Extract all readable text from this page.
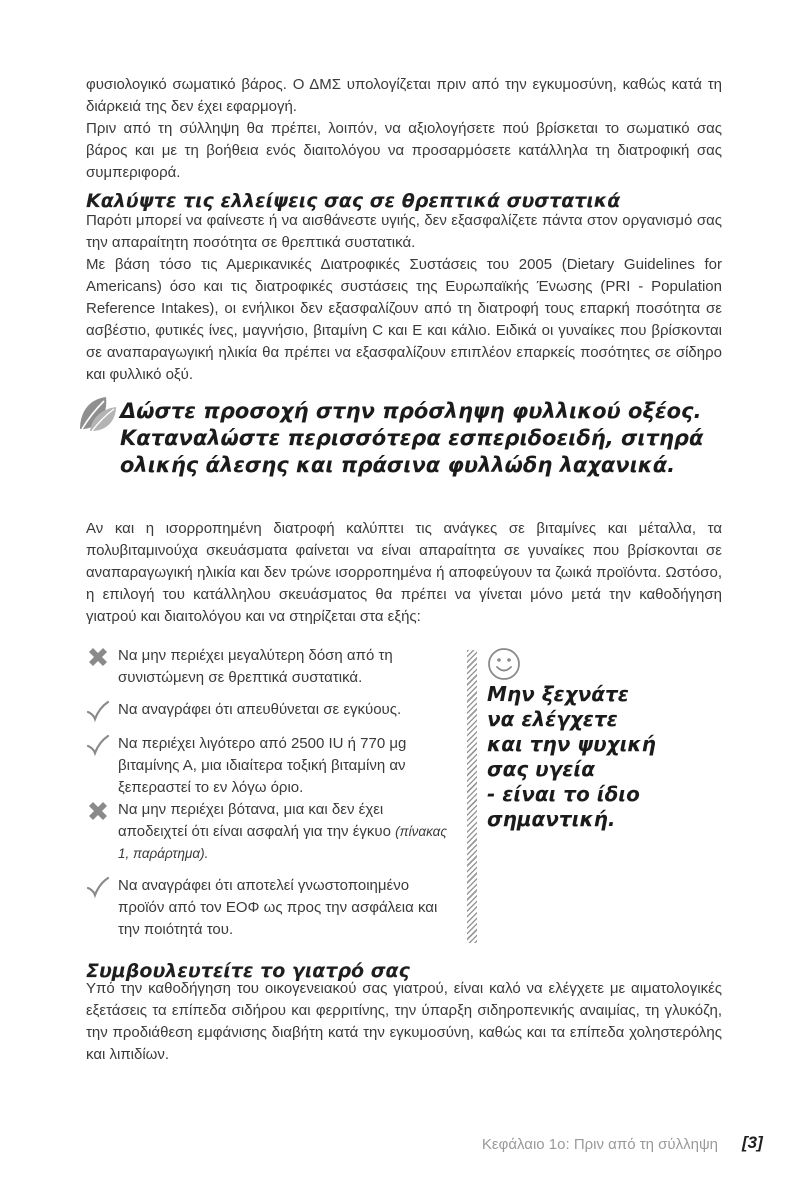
φυσιολογικό σωματικό βάρος. Ο ΔΜΣ υπολογίζεται πριν από την εγκυμοσύνη, καθώς κατά τη διάρκειά της δεν έχει εφαρμογή.

Πριν από τη σύλληψη θα πρέπει, λοιπόν, να αξιολογήσετε πού βρίσκεται το σωματικό σας βάρος και με τη βοήθεια ενός διαιτολόγου να προσαρμόσετε κατάλληλα τη διατροφική σας συμπεριφορά.

Καλύψτε τις ελλείψεις σας σε θρεπτικά συστατικά

Παρότι μπορεί να φαίνεστε ή να αισθάνεστε υγιής, δεν εξασφαλίζετε πάντα στον οργανισμό σας την απαραίτητη ποσότητα σε θρεπτικά συστατικά.

Με βάση τόσο τις Αμερικανικές Διατροφικές Συστάσεις του 2005 (Dietary Guidelines for Americans) όσο και τις διατροφικές συστάσεις της Ευρωπαϊκής Ένωσης (PRI - Population Reference Intakes), οι ενήλικοι δεν εξασφαλίζουν από τη διατροφή τους επαρκή ποσότητα σε ασβέστιο, φυτικές ίνες, μαγνήσιο, βιταμίνη C και E και κάλιο. Ειδικά οι γυναίκες που βρίσκονται σε αναπαραγωγική ηλικία θα πρέπει να εξασφαλίζουν επιπλέον επαρκείς ποσότητες σε σίδηρο και φυλλικό οξύ.

Δώστε προσοχή στην πρόσληψη φυλλικού οξέος. Καταναλώστε περισσότερα εσπεριδοειδή, σιτηρά ολικής άλεσης και πράσινα φυλλώδη λαχανικά.

Αν και η ισορροπημένη διατροφή καλύπτει τις ανάγκες σε βιταμίνες και μέταλλα, τα πολυβιταμινούχα σκευάσματα φαίνεται να είναι απαραίτητα σε γυναίκες που βρίσκονται σε αναπαραγωγική ηλικία και δεν τρώνε ισορροπημένα ή αποφεύγουν τα ζωικά προϊόντα. Ωστόσο, η επιλογή του κατάλληλου σκευάσματος θα πρέπει να γίνεται μόνο μετά την καθοδήγηση γιατρού και διαιτολόγου και να στηρίζεται στα εξής:

Να μην περιέχει μεγαλύτερη δόση από τη συνιστώμενη σε θρεπτικά συστατικά.
Να αναγράφει ότι απευθύνεται σε εγκύους.
Να περιέχει λιγότερο από 2500 IU ή 770 μg βιταμίνης Α, μια ιδιαίτερα τοξική βιταμίνη αν ξεπεραστεί το εν λόγω όριο.
Να μην περιέχει βότανα, μια και δεν έχει αποδειχτεί ότι είναι ασφαλή για την έγκυο (πίνακας 1, παράρτημα).
Να αναγράφει ότι αποτελεί γνωστοποιημένο προϊόν από τον ΕΟΦ ως προς την ασφάλεια και την ποιότητά του.
Μην ξεχνάτε
να ελέγχετε
και την ψυχική
σας υγεία
- είναι το ίδιο
σημαντική.
Συμβουλευτείτε το γιατρό σας

Υπό την καθοδήγηση του οικογενειακού σας γιατρού, είναι καλό να ελέγχετε με αιματολογικές εξετάσεις τα επίπεδα σιδήρου και φερριτίνης, την ύπαρξη σιδηροπενικής αναιμίας, τη γλυκόζη, την προδιάθεση εμφάνισης διαβήτη κατά την εγκυμοσύνη, καθώς και τα επίπεδα χοληστερόλης και λιπιδίων.

Κεφάλαιο 1ο: Πριν από τη σύλληψη [3]
